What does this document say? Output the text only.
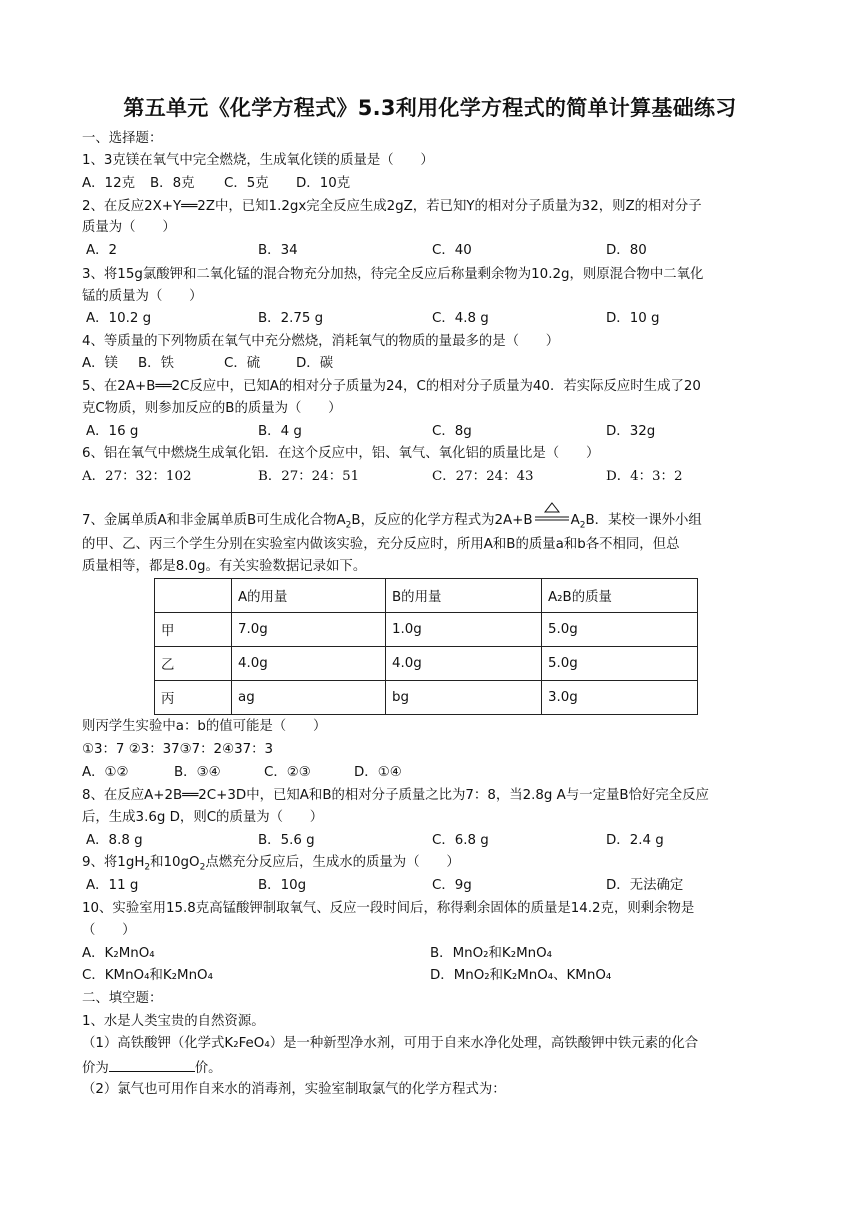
第五单元《化学方程式》5.3利用化学方程式的简单计算基础练习
一、选择题：
1、3克镁在氧气中完全燃烧，生成氧化镁的质量是（　　）
A．12克 B．8克 C．5克 D．10克
2、在反应2X+Y══2Z中，已知1.2gx完全反应生成2gZ，若已知Y的相对分子质量为32，则Z的相对分子
质量为（　　）
A．2	B．34	C．40	D．80
3、将15g氯酸钾和二氧化锰的混合物充分加热，待完全反应后称量剩余物为10.2g，则原混合物中二氧化
锰的质量为（　　）
A．10.2 g	B．2.75 g	C．4.8 g	D．10 g
4、等质量的下列物质在氧气中充分燃烧，消耗氧气的物质的量最多的是（　　）
A．镁 B．铁	C．硫	D．碳
5、在2A+B══2C反应中，已知A的相对分子质量为24，C的相对分子质量为40．若实际反应时生成了20
克C物质，则参加反应的B的质量为（　　）
A．16 g	B．4 g	C．8g	D．32g
6、铝在氧气中燃烧生成氧化铝．在这个反应中，铝、氧气、氧化铝的质量比是（　　）
A．27：32：102	B．27：24：51	C．27：24：43	D．4：3：2
7、金属单质A和非金属单质B可生成化合物$A_2B$，反应的化学方程式为2A+B	$A_2B$．某校一课外小组
的甲、乙、丙三个学生分别在实验室内做该实验，充分反应时，所用A和B的质量a和b各不相同，但总
质量相等，都是8.0g。有关实验数据记录如下。
	A的用量	B的用量	A₂B的质量
甲	7.0g	1.0g	5.0g
乙	4.0g	4.0g	5.0g
丙	ag	bg	3.0g
则丙学生实验中a：b的值可能是（　　）
①3：7 ②3：37③7：2④37：3
A．①②	B．③④	C．②③	D．①④
8、在反应A+2B══2C+3D中，已知A和B的相对分子质量之比为7：8，当2.8g A与一定量B恰好完全反应
后，生成3.6g D，则C的质量为（　　）
A．8.8 g	B．5.6 g	C．6.8 g	D．2.4 g
9、将$1gH_2$和$10gO_2$点燃充分反应后，生成水的质量为（　　）
A．11 g	B．10g	C．9g	D．无法确定
10、实验室用15.8克高锰酸钾制取氧气、反应一段时间后，称得剩余固体的质量是14.2克，则剩余物是
（　　）
A．K₂MnO₄	B．MnO₂和K₂MnO₄
C．KMnO₄和K₂MnO₄	D．MnO₂和K₂MnO₄、KMnO₄
二、填空题：
1、水是人类宝贵的自然资源。
（1）高铁酸钾（化学式K₂FeO₄）是一种新型净水剂，可用于自来水净化处理，高铁酸钾中铁元素的化合
价为	价。
（2）氯气也可用作自来水的消毒剂，实验室制取氯气的化学方程式为：
